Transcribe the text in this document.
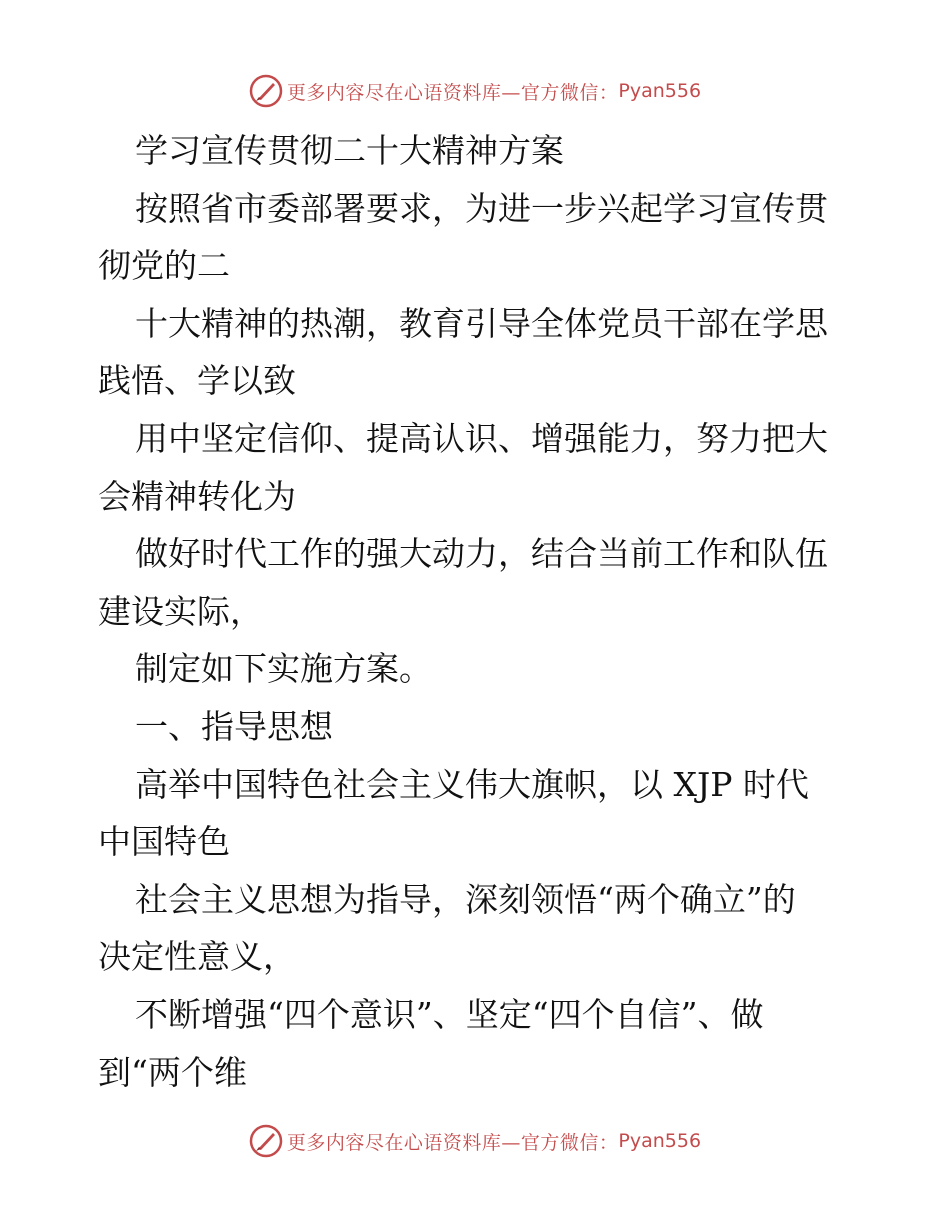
更多内容尽在心语资料库—官方微信： Pyan556
学习宣传贯彻二十大精神方案
按照省市委部署要求，为进一步兴起学习宣传贯
彻党的二
十大精神的热潮，教育引导全体党员干部在学思
践悟、学以致
用中坚定信仰、提高认识、增强能力，努力把大
会精神转化为
做好时代工作的强大动力，结合当前工作和队伍
建设实际，
制定如下实施方案。
一、指导思想
高举中国特色社会主义伟大旗帜，以 XJP 时代
中国特色
社会主义思想为指导，深刻领悟“两个确立”的
决定性意义，
不断增强“四个意识”、坚定“四个自信”、做
到“两个维
更多内容尽在心语资料库—官方微信： Pyan556
